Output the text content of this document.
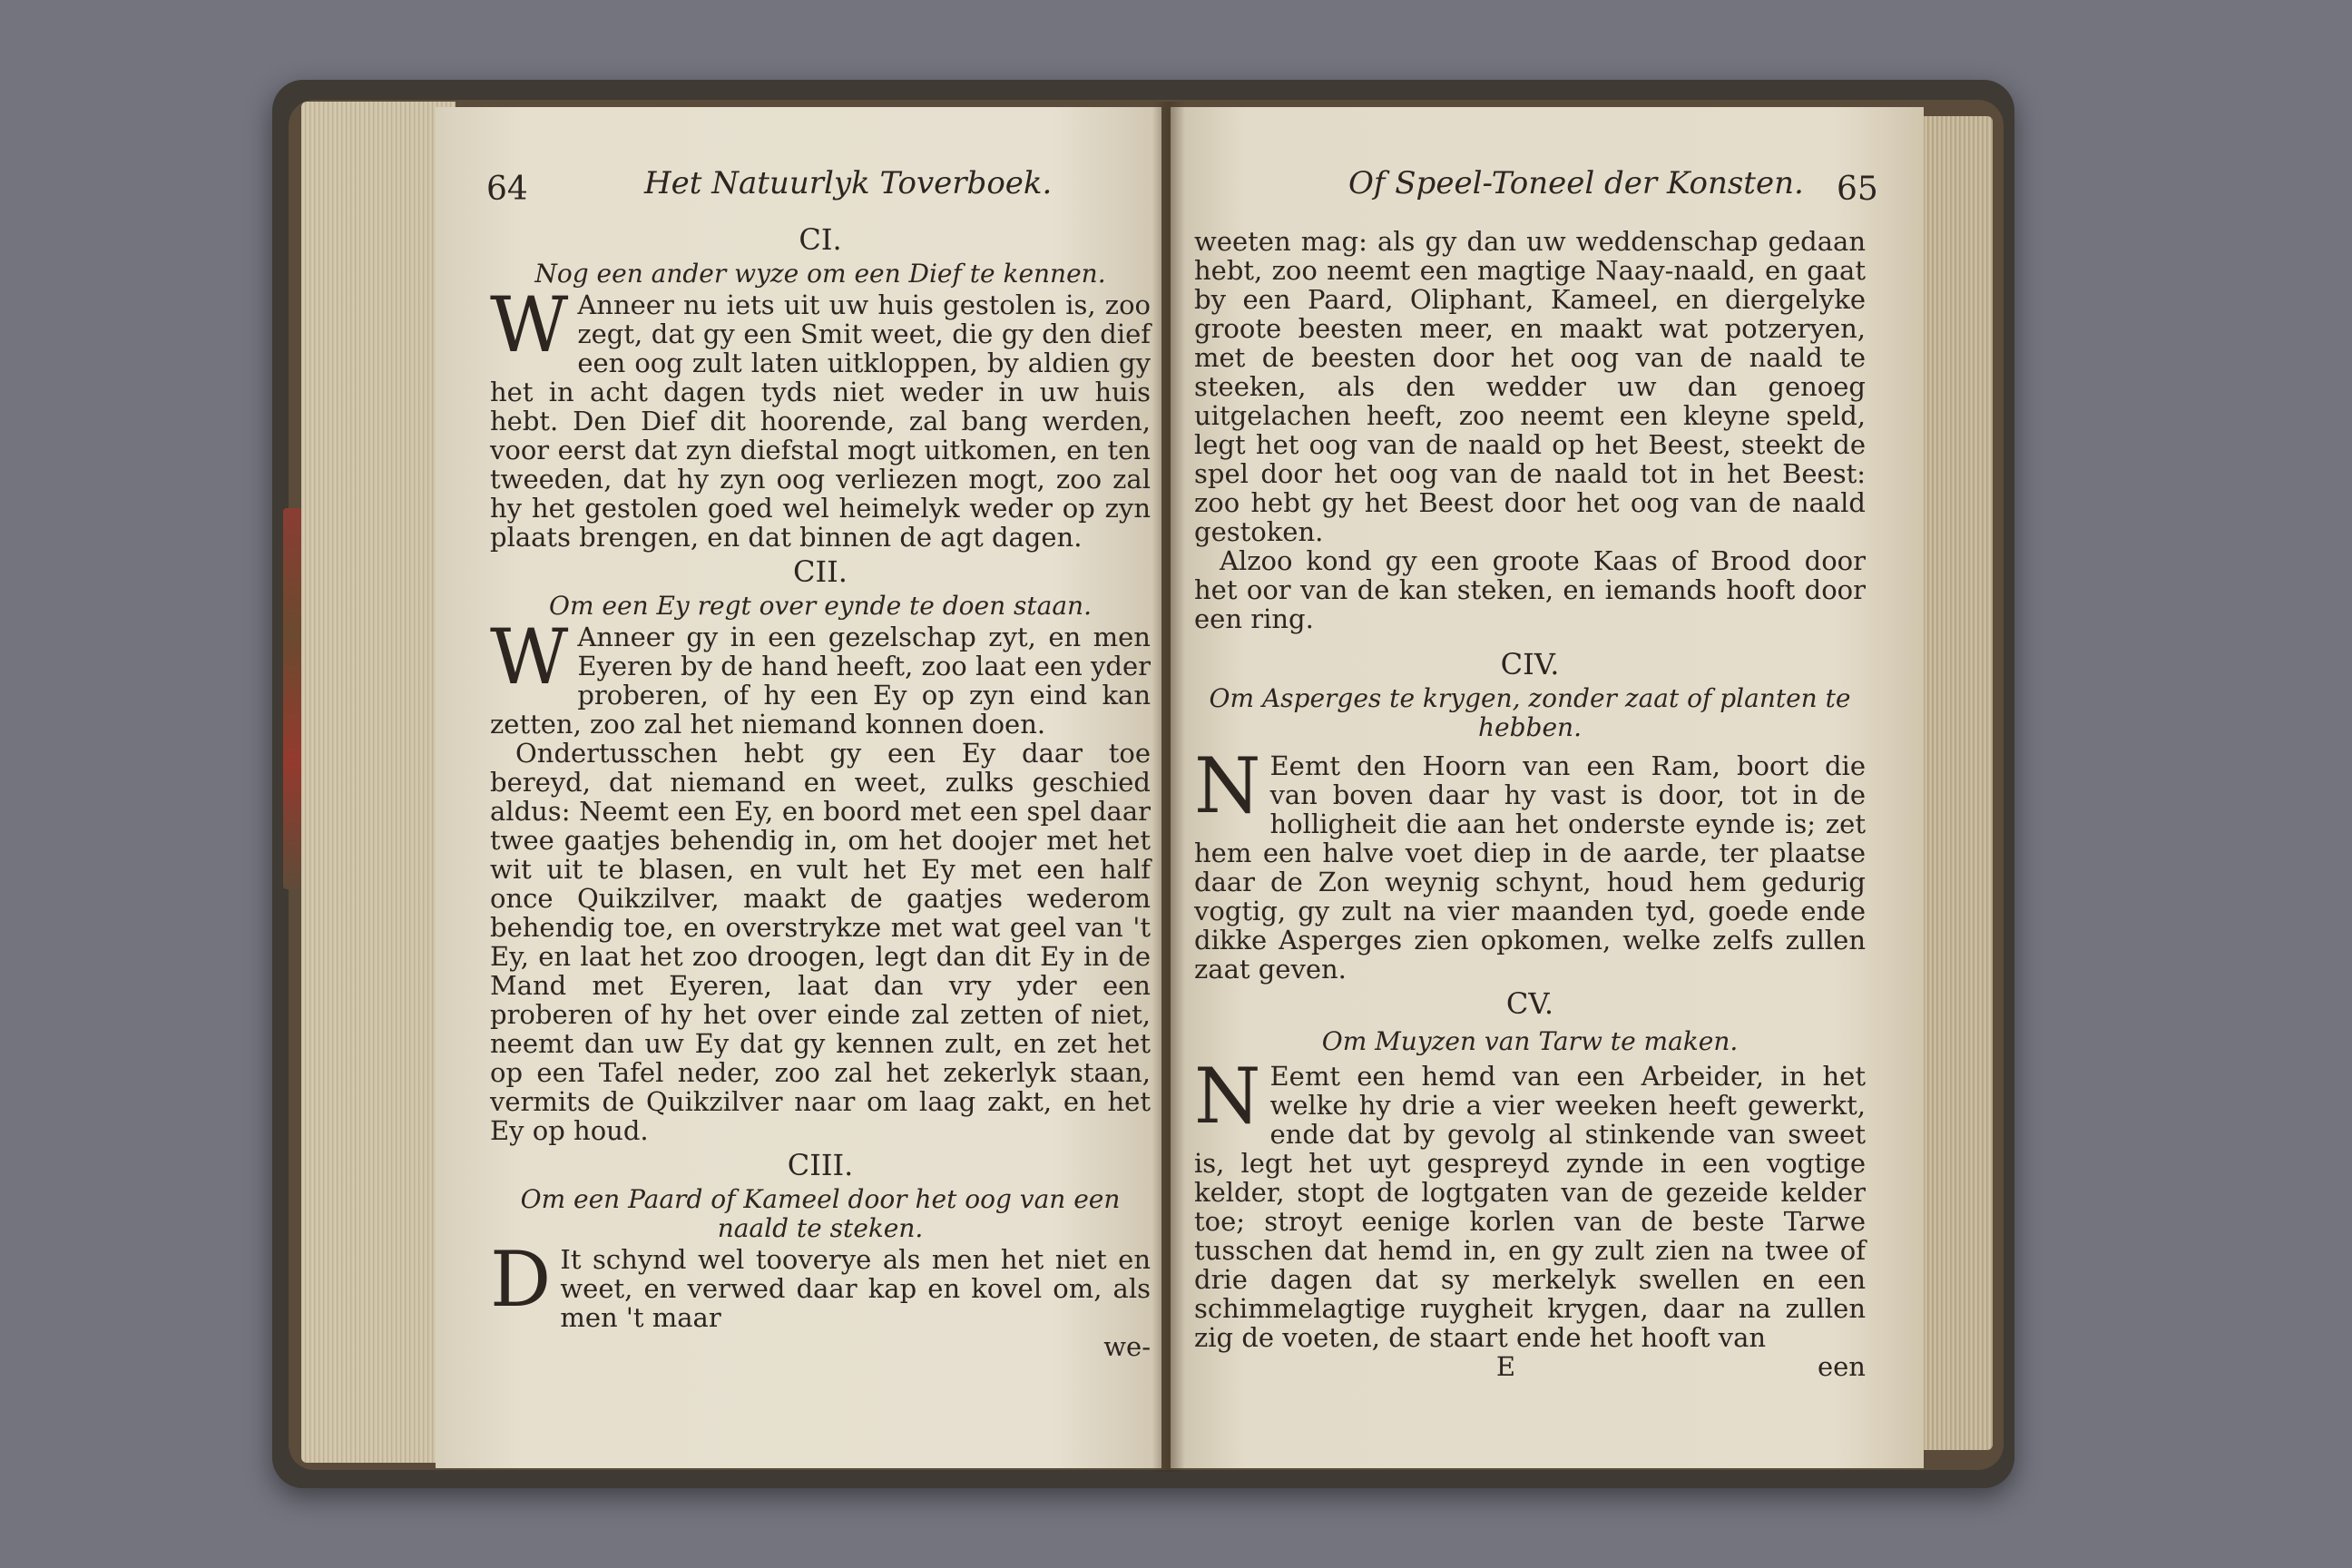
64	Het Natuurlyk Toverboek.
CI.
Nog een ander wyze om een Dief te kennen.
W Anneer nu iets uit uw huis gestolen is, zoo zegt, dat gy een Smit weet, die gy den dief een oog zult laten uitkloppen, by aldien gy het in acht dagen tyds niet weder in uw huis hebt. Den Dief dit hoorende, zal bang werden, voor eerst dat zyn diefstal mogt uitkomen, en ten tweeden, dat hy zyn oog verliezen mogt, zoo zal hy het gestolen goed wel heimelyk weder op zyn plaats brengen, en dat binnen de agt dagen.

CII.
Om een Ey regt over eynde te doen staan.
W Anneer gy in een gezelschap zyt, en men Eyeren by de hand heeft, zoo laat een yder proberen, of hy een Ey op zyn eind kan zetten, zoo zal het niemand konnen doen.

Ondertusschen hebt gy een Ey daar toe bereyd, dat niemand en weet, zulks geschied aldus: Neemt een Ey, en boord met een spel daar twee gaatjes behendig in, om het doojer met het wit uit te blasen, en vult het Ey met een half once Quikzilver, maakt de gaatjes wederom behendig toe, en overstrykze met wat geel van 't Ey, en laat het zoo droogen, legt dan dit Ey in de Mand met Eyeren, laat dan vry yder een proberen of hy het over einde zal zetten of niet, neemt dan uw Ey dat gy kennen zult, en zet het op een Tafel neder, zoo zal het zekerlyk staan, vermits de Quikzilver naar om laag zakt, en het Ey op houd.

CIII.
Om een Paard of Kameel door het oog van een naald te steken.
D It schynd wel tooverye als men het niet en weet, en verwed daar kap en kovel om, als men 't maar

we-
Of Speel-Toneel der Konsten. 65

weeten mag: als gy dan uw weddenschap gedaan hebt, zoo neemt een magtige Naay-naald, en gaat by een Paard, Oliphant, Kameel, en diergelyke groote beesten meer, en maakt wat potzeryen, met de beesten door het oog van de naald te steeken, als den wedder uw dan genoeg uitgelachen heeft, zoo neemt een kleyne speld, legt het oog van de naald op het Beest, steekt de spel door het oog van de naald tot in het Beest: zoo hebt gy het Beest door het oog van de naald gestoken.

Alzoo kond gy een groote Kaas of Brood door het oor van de kan steken, en iemands hooft door een ring.

CIV.
Om Asperges te krygen, zonder zaat of planten te hebben.
N Eemt den Hoorn van een Ram, boort die van boven daar hy vast is door, tot in de holligheit die aan het onderste eynde is; zet hem een halve voet diep in de aarde, ter plaatse daar de Zon weynig schynt, houd hem gedurig vogtig, gy zult na vier maanden tyd, goede ende dikke Asperges zien opkomen, welke zelfs zullen zaat geven.

CV.
Om Muyzen van Tarw te maken.
N Eemt een hemd van een Arbeider, in het welke hy drie a vier weeken heeft gewerkt, ende dat by gevolg al stinkende van sweet is, legt het uyt gespreyd zynde in een vogtige kelder, stopt de logtgaten van de gezeide kelder toe; stroyt eenige korlen van de beste Tarwe tusschen dat hemd in, en gy zult zien na twee of drie dagen dat sy merkelyk swellen en een schimmelagtige ruygheit krygen, daar na zullen zig de voeten, de staart ende het hooft van

E	een
